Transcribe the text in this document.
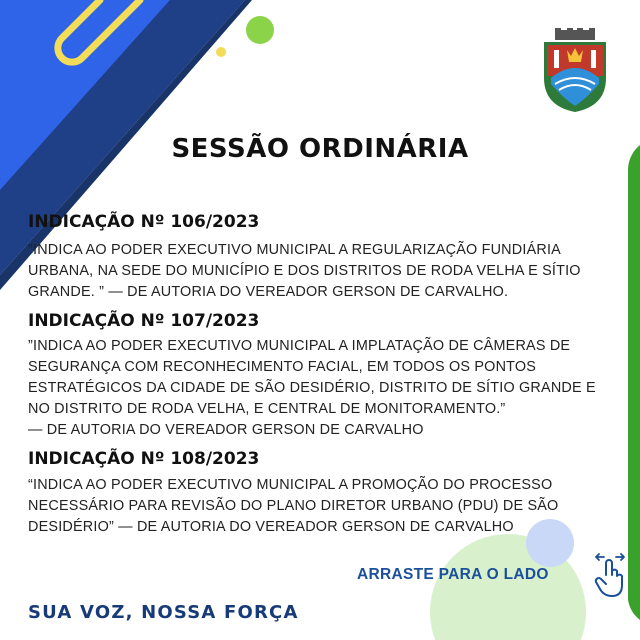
SESSÃO ORDINÁRIA
INDICAÇÃO Nº 106/2023
”INDICA AO PODER EXECUTIVO MUNICIPAL A REGULARIZAÇÃO FUNDIÁRIA
URBANA, NA SEDE DO MUNICÍPIO E DOS DISTRITOS DE RODA VELHA E SÍTIO
GRANDE. ” — DE AUTORIA DO VEREADOR GERSON DE CARVALHO.
INDICAÇÃO Nº 107/2023
”INDICA AO PODER EXECUTIVO MUNICIPAL A IMPLATAÇÃO DE CÂMERAS DE
SEGURANÇA COM RECONHECIMENTO FACIAL, EM TODOS OS PONTOS
ESTRATÉGICOS DA CIDADE DE SÃO DESIDÉRIO, DISTRITO DE SÍTIO GRANDE E
NO DISTRITO DE RODA VELHA, E CENTRAL DE MONITORAMENTO.”
— DE AUTORIA DO VEREADOR GERSON DE CARVALHO
INDICAÇÃO Nº 108/2023
“INDICA AO PODER EXECUTIVO MUNICIPAL A PROMOÇÃO DO PROCESSO
NECESSÁRIO PARA REVISÃO DO PLANO DIRETOR URBANO (PDU) DE SÃO
DESIDÉRIO” — DE AUTORIA DO VEREADOR GERSON DE CARVALHO
ARRASTE PARA O LADO
SUA VOZ, NOSSA FORÇA
